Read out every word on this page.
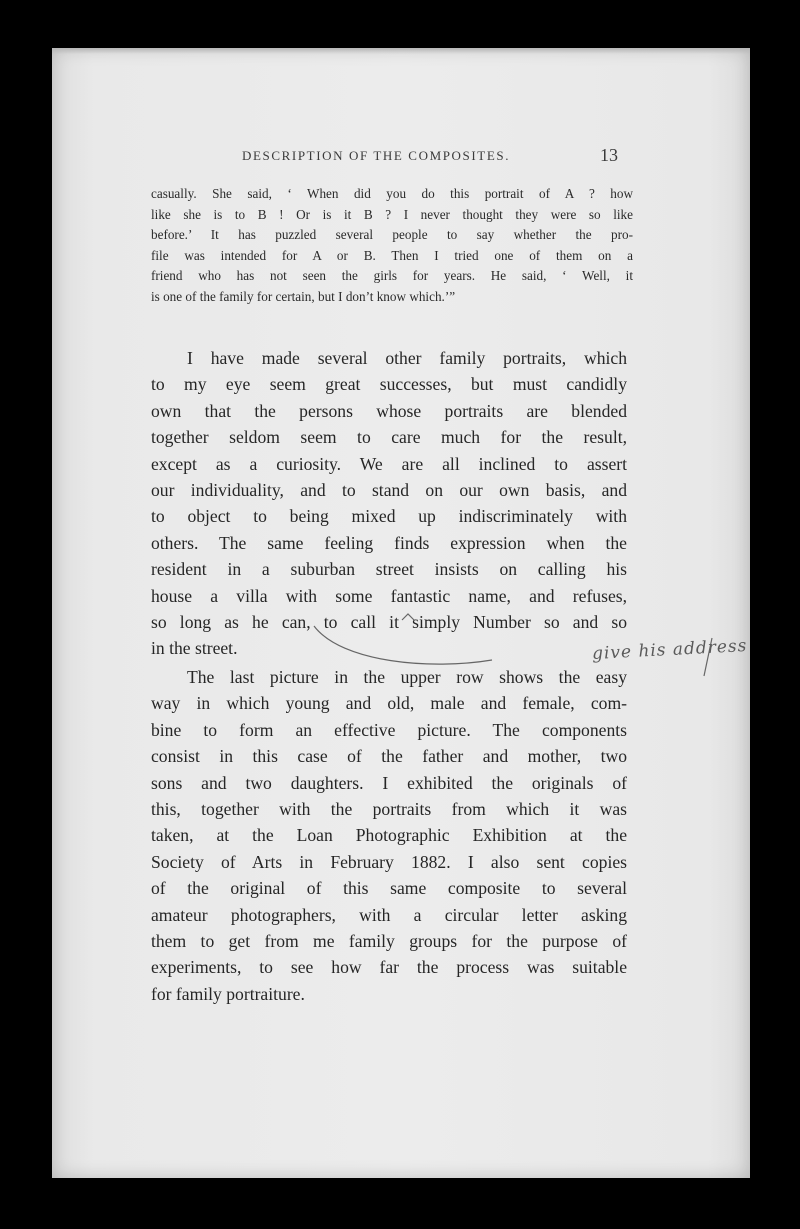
DESCRIPTION OF THE COMPOSITES.	13
casually. She said, ‘ When did you do this portrait of A ? how
like she is to B ! Or is it B ? I never thought they were so like
before.’ It has puzzled several people to say whether the pro-
file was intended for A or B. Then I tried one of them on a
friend who has not seen the girls for years. He said, ‘ Well, it
is one of the family for certain, but I don’t know which.’”
I have made several other family portraits, which
to my eye seem great successes, but must candidly
own that the persons whose portraits are blended
together seldom seem to care much for the result,
except as a curiosity. We are all inclined to assert
our individuality, and to stand on our own basis, and
to object to being mixed up indiscriminately with
others. The same feeling finds expression when the
resident in a suburban street insists on calling his
house a villa with some fantastic name, and refuses,
so long as he can, to call it simply Number so and so
in the street.
The last picture in the upper row shows the easy
way in which young and old, male and female, com-
bine to form an effective picture. The components
consist in this case of the father and mother, two
sons and two daughters. I exhibited the originals of
this, together with the portraits from which it was
taken, at the Loan Photographic Exhibition at the
Society of Arts in February 1882. I also sent copies
of the original of this same composite to several
amateur photographers, with a circular letter asking
them to get from me family groups for the purpose of
experiments, to see how far the process was suitable
for family portraiture.
give his address
